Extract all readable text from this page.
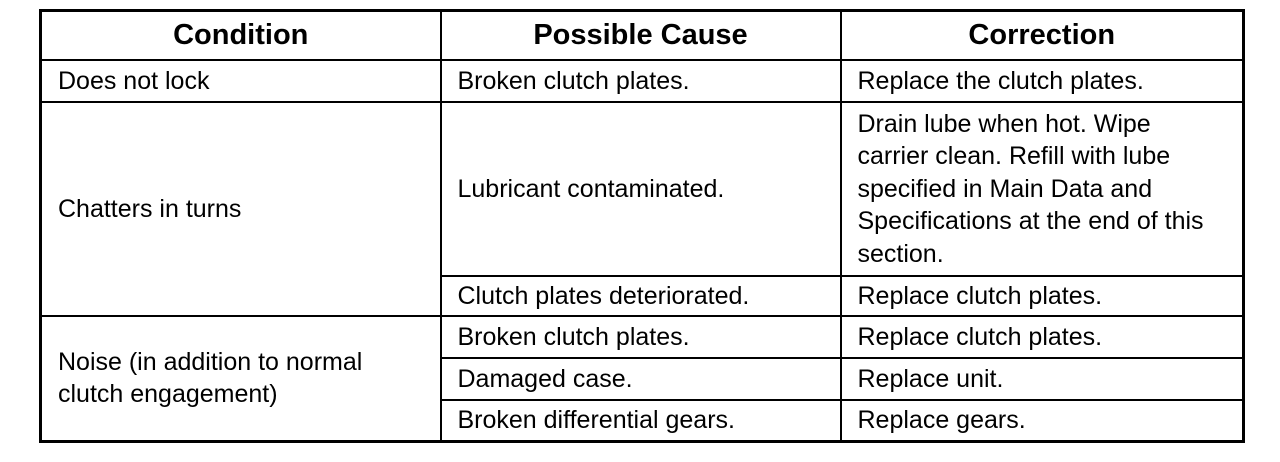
Condition	Possible Cause	Correction
Does not lock	Broken clutch plates.	Replace the clutch plates.
Chatters in turns	Lubricant contaminated.	Drain lube when hot. Wipe carrier clean. Refill with lube specified in Main Data and Specifications at the end of this section.
	Clutch plates deteriorated.	Replace clutch plates.
Noise (in addition to normal clutch engagement)	Broken clutch plates.	Replace clutch plates.
	Damaged case.	Replace unit.
	Broken differential gears.	Replace gears.
